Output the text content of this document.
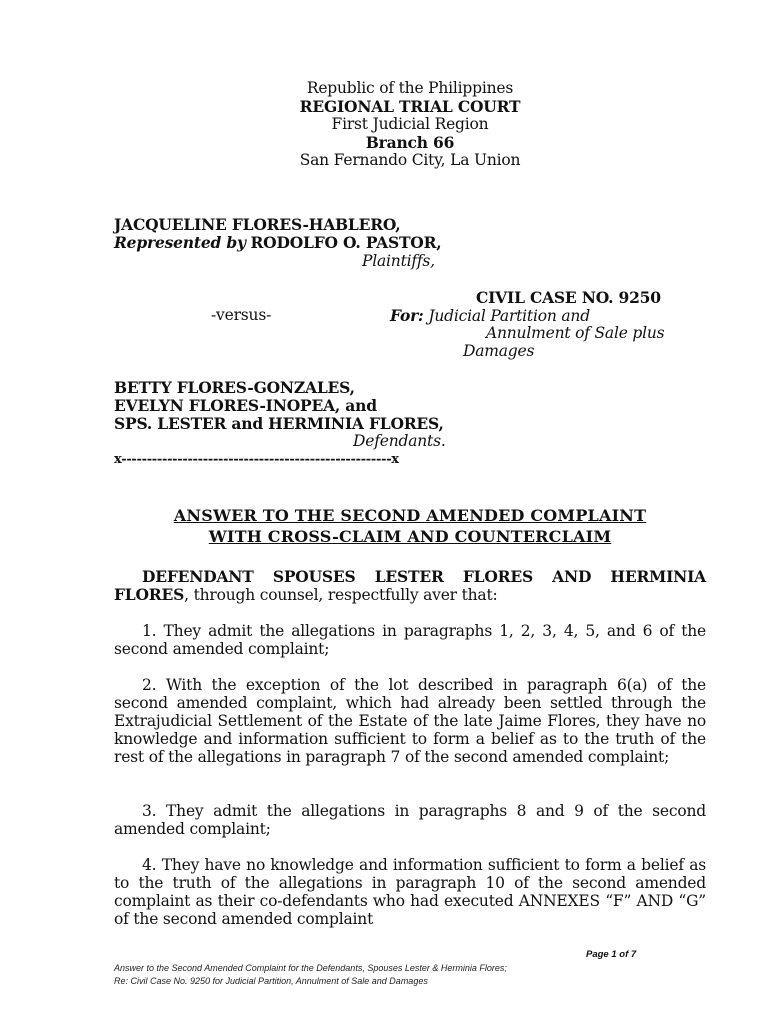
Republic of the Philippines
REGIONAL TRIAL COURT
First Judicial Region
Branch 66
San Fernando City, La Union
JACQUELINE FLORES-HABLERO,
Represented by RODOLFO O. PASTOR,
Plaintiffs,
CIVIL CASE NO. 9250
-versus-	For: Judicial Partition and
Annulment of Sale plus
Damages
BETTY FLORES-GONZALES,
EVELYN FLORES-INOPEA, and
SPS. LESTER and HERMINIA FLORES,
Defendants.
x-----------------------------------------------------x
ANSWER TO THE SECOND AMENDED COMPLAINT
WITH CROSS-CLAIM AND COUNTERCLAIM
DEFENDANT SPOUSES LESTER FLORES AND HERMINIA FLORES, through counsel, respectfully aver that:
1. They admit the allegations in paragraphs 1, 2, 3, 4, 5, and 6 of the second amended complaint;
2. With the exception of the lot described in paragraph 6(a) of the second amended complaint, which had already been settled through the Extrajudicial Settlement of the Estate of the late Jaime Flores, they have no knowledge and information sufficient to form a belief as to the truth of the rest of the allegations in paragraph 7 of the second amended complaint;
3. They admit the allegations in paragraphs 8 and 9 of the second amended complaint;
4. They have no knowledge and information sufficient to form a belief as to the truth of the allegations in paragraph 10 of the second amended complaint as their co-defendants who had executed ANNEXES “F” AND “G” of the second amended complaint
Page 1 of 7
Answer to the Second Amended Complaint for the Defendants, Spouses Lester & Herminia Flores;
Re: Civil Case No. 9250 for Judicial Partition, Annulment of Sale and Damages
